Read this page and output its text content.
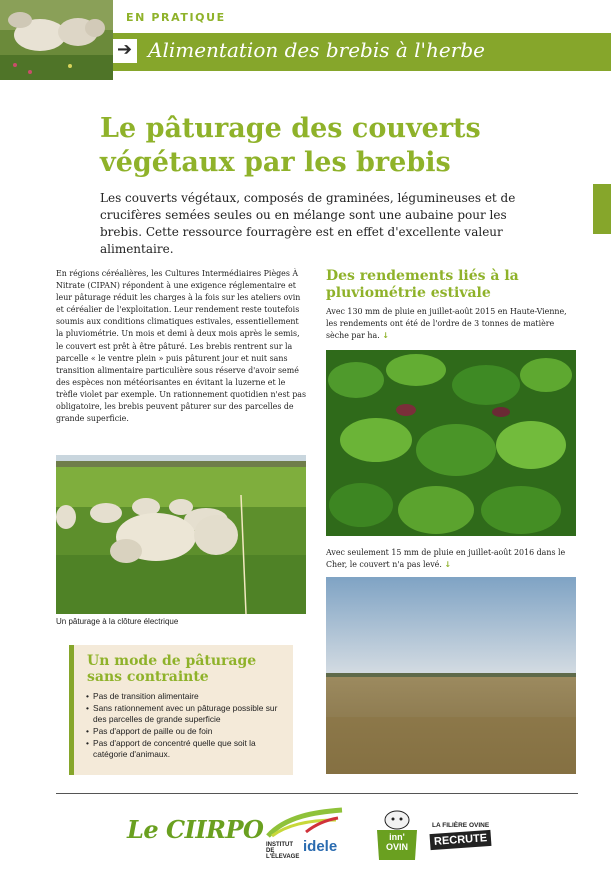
EN PRATIQUE
➔ Alimentation des brebis à l'herbe
Le pâturage des couverts végétaux par les brebis

Les couverts végétaux, composés de graminées, légumineuses et de crucifères semées seules ou en mélange sont une aubaine pour les brebis. Cette ressource fourragère est en effet d'excellente valeur alimentaire.

En régions céréalières, les Cultures Intermédiaires Pièges À Nitrate (CIPAN) répondent à une exigence réglementaire et leur pâturage réduit les charges à la fois sur les ateliers ovin et céréalier de l'exploitation. Leur rendement reste toutefois soumis aux conditions climatiques estivales, essentiellement la pluviométrie. Un mois et demi à deux mois après le semis, le couvert est prêt à être pâturé. Les brebis rentrent sur la parcelle « le ventre plein » puis pâturent jour et nuit sans transition alimentaire particulière sous réserve d'avoir semé des espèces non météorisantes en évitant la luzerne et le trèfle violet par exemple. Un rationnement quotidien n'est pas obligatoire, les brebis peuvent pâturer sur des parcelles de grande superficie.

Un pâturage à la clôture électrique
Un mode de pâturage sans contrainte
• Pas de transition alimentaire
• Sans rationnement avec un pâturage possible sur des parcelles de grande superficie
• Pas d'apport de paille ou de foin
• Pas d'apport de concentré quelle que soit la catégorie d'animaux.
Des rendements liés à la pluviométrie estivale

Avec 130 mm de pluie en juillet-août 2015 en Haute-Vienne, les rendements ont été de l'ordre de 3 tonnes de matière sèche par ha. ↓

Avec seulement 15 mm de pluie en juillet-août 2016 dans le Cher, le couvert n'a pas levé. ↓

Le CIIRPO
INSTITUT DE L'ÉLEVAGE
idele
inn' OVIN
LA FILIÈRE OVINE
RECRUTE
